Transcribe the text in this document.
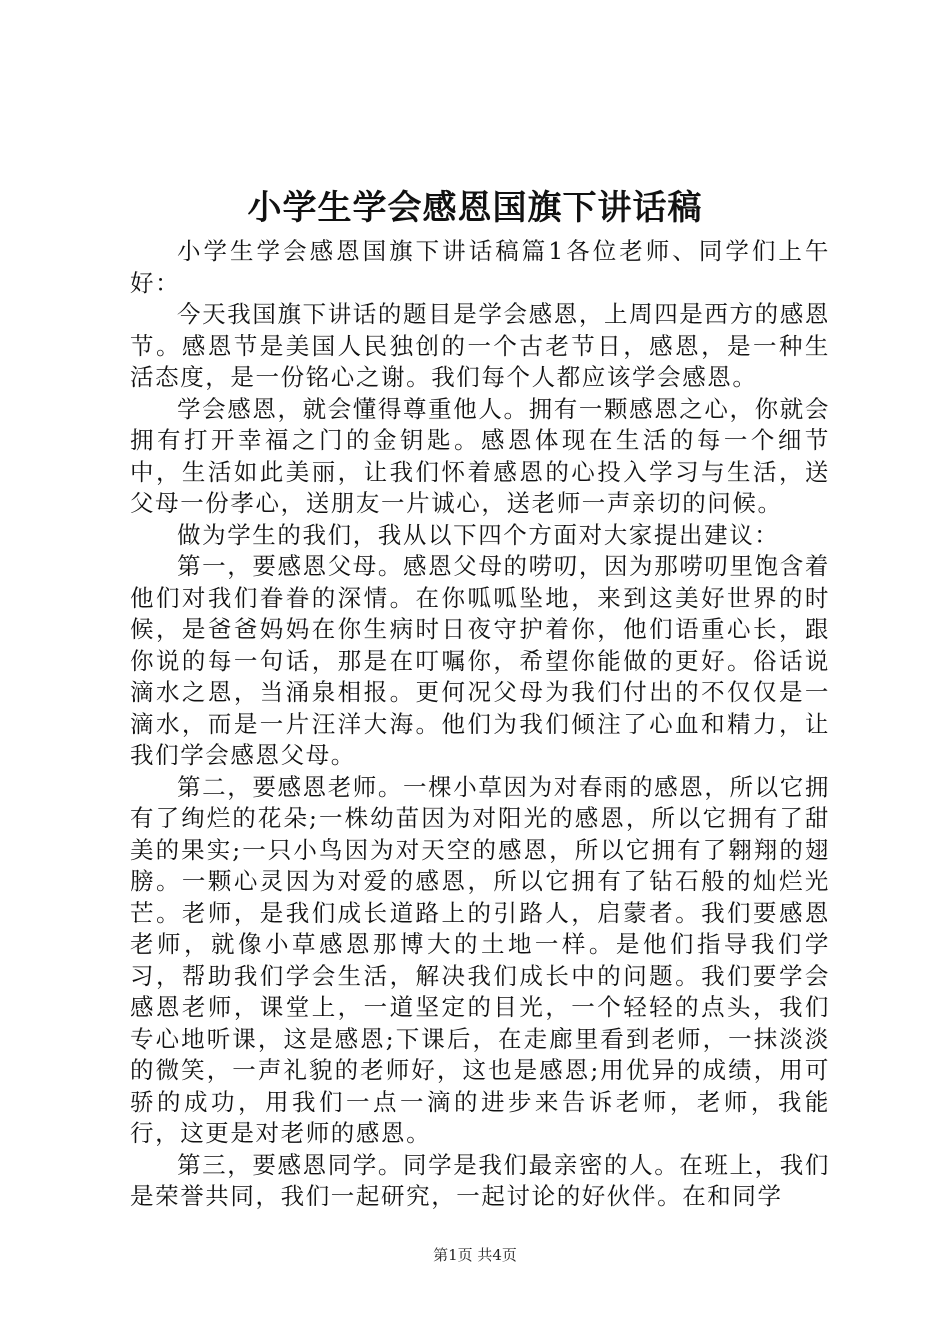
小学生学会感恩国旗下讲话稿

小学生学会感恩国旗下讲话稿篇1各位老师、同学们上午好：

今天我国旗下讲话的题目是学会感恩，上周四是西方的感恩节。感恩节是美国人民独创的一个古老节日，感恩，是一种生活态度，是一份铭心之谢。我们每个人都应该学会感恩。

学会感恩，就会懂得尊重他人。拥有一颗感恩之心，你就会拥有打开幸福之门的金钥匙。感恩体现在生活的每一个细节中，生活如此美丽，让我们怀着感恩的心投入学习与生活，送父母一份孝心，送朋友一片诚心，送老师一声亲切的问候。

做为学生的我们，我从以下四个方面对大家提出建议：

第一，要感恩父母。感恩父母的唠叨，因为那唠叨里饱含着他们对我们眷眷的深情。在你呱呱坠地，来到这美好世界的时候，是爸爸妈妈在你生病时日夜守护着你，他们语重心长，跟你说的每一句话，那是在叮嘱你，希望你能做的更好。俗话说滴水之恩，当涌泉相报。更何况父母为我们付出的不仅仅是一滴水，而是一片汪洋大海。他们为我们倾注了心血和精力，让我们学会感恩父母。

第二，要感恩老师。一棵小草因为对春雨的感恩，所以它拥有了绚烂的花朵;一株幼苗因为对阳光的感恩，所以它拥有了甜美的果实;一只小鸟因为对天空的感恩，所以它拥有了翱翔的翅膀。一颗心灵因为对爱的感恩，所以它拥有了钻石般的灿烂光芒。老师，是我们成长道路上的引路人，启蒙者。我们要感恩老师，就像小草感恩那博大的土地一样。是他们指导我们学习，帮助我们学会生活，解决我们成长中的问题。我们要学会感恩老师，课堂上，一道坚定的目光，一个轻轻的点头，我们专心地听课，这是感恩;下课后，在走廊里看到老师，一抹淡淡的微笑，一声礼貌的老师好，这也是感恩;用优异的成绩，用可骄的成功，用我们一点一滴的进步来告诉老师，老师，我能行，这更是对老师的感恩。

第三，要感恩同学。同学是我们最亲密的人。在班上，我们是荣誉共同，我们一起研究，一起讨论的好伙伴。在和同学

第1页 共4页
